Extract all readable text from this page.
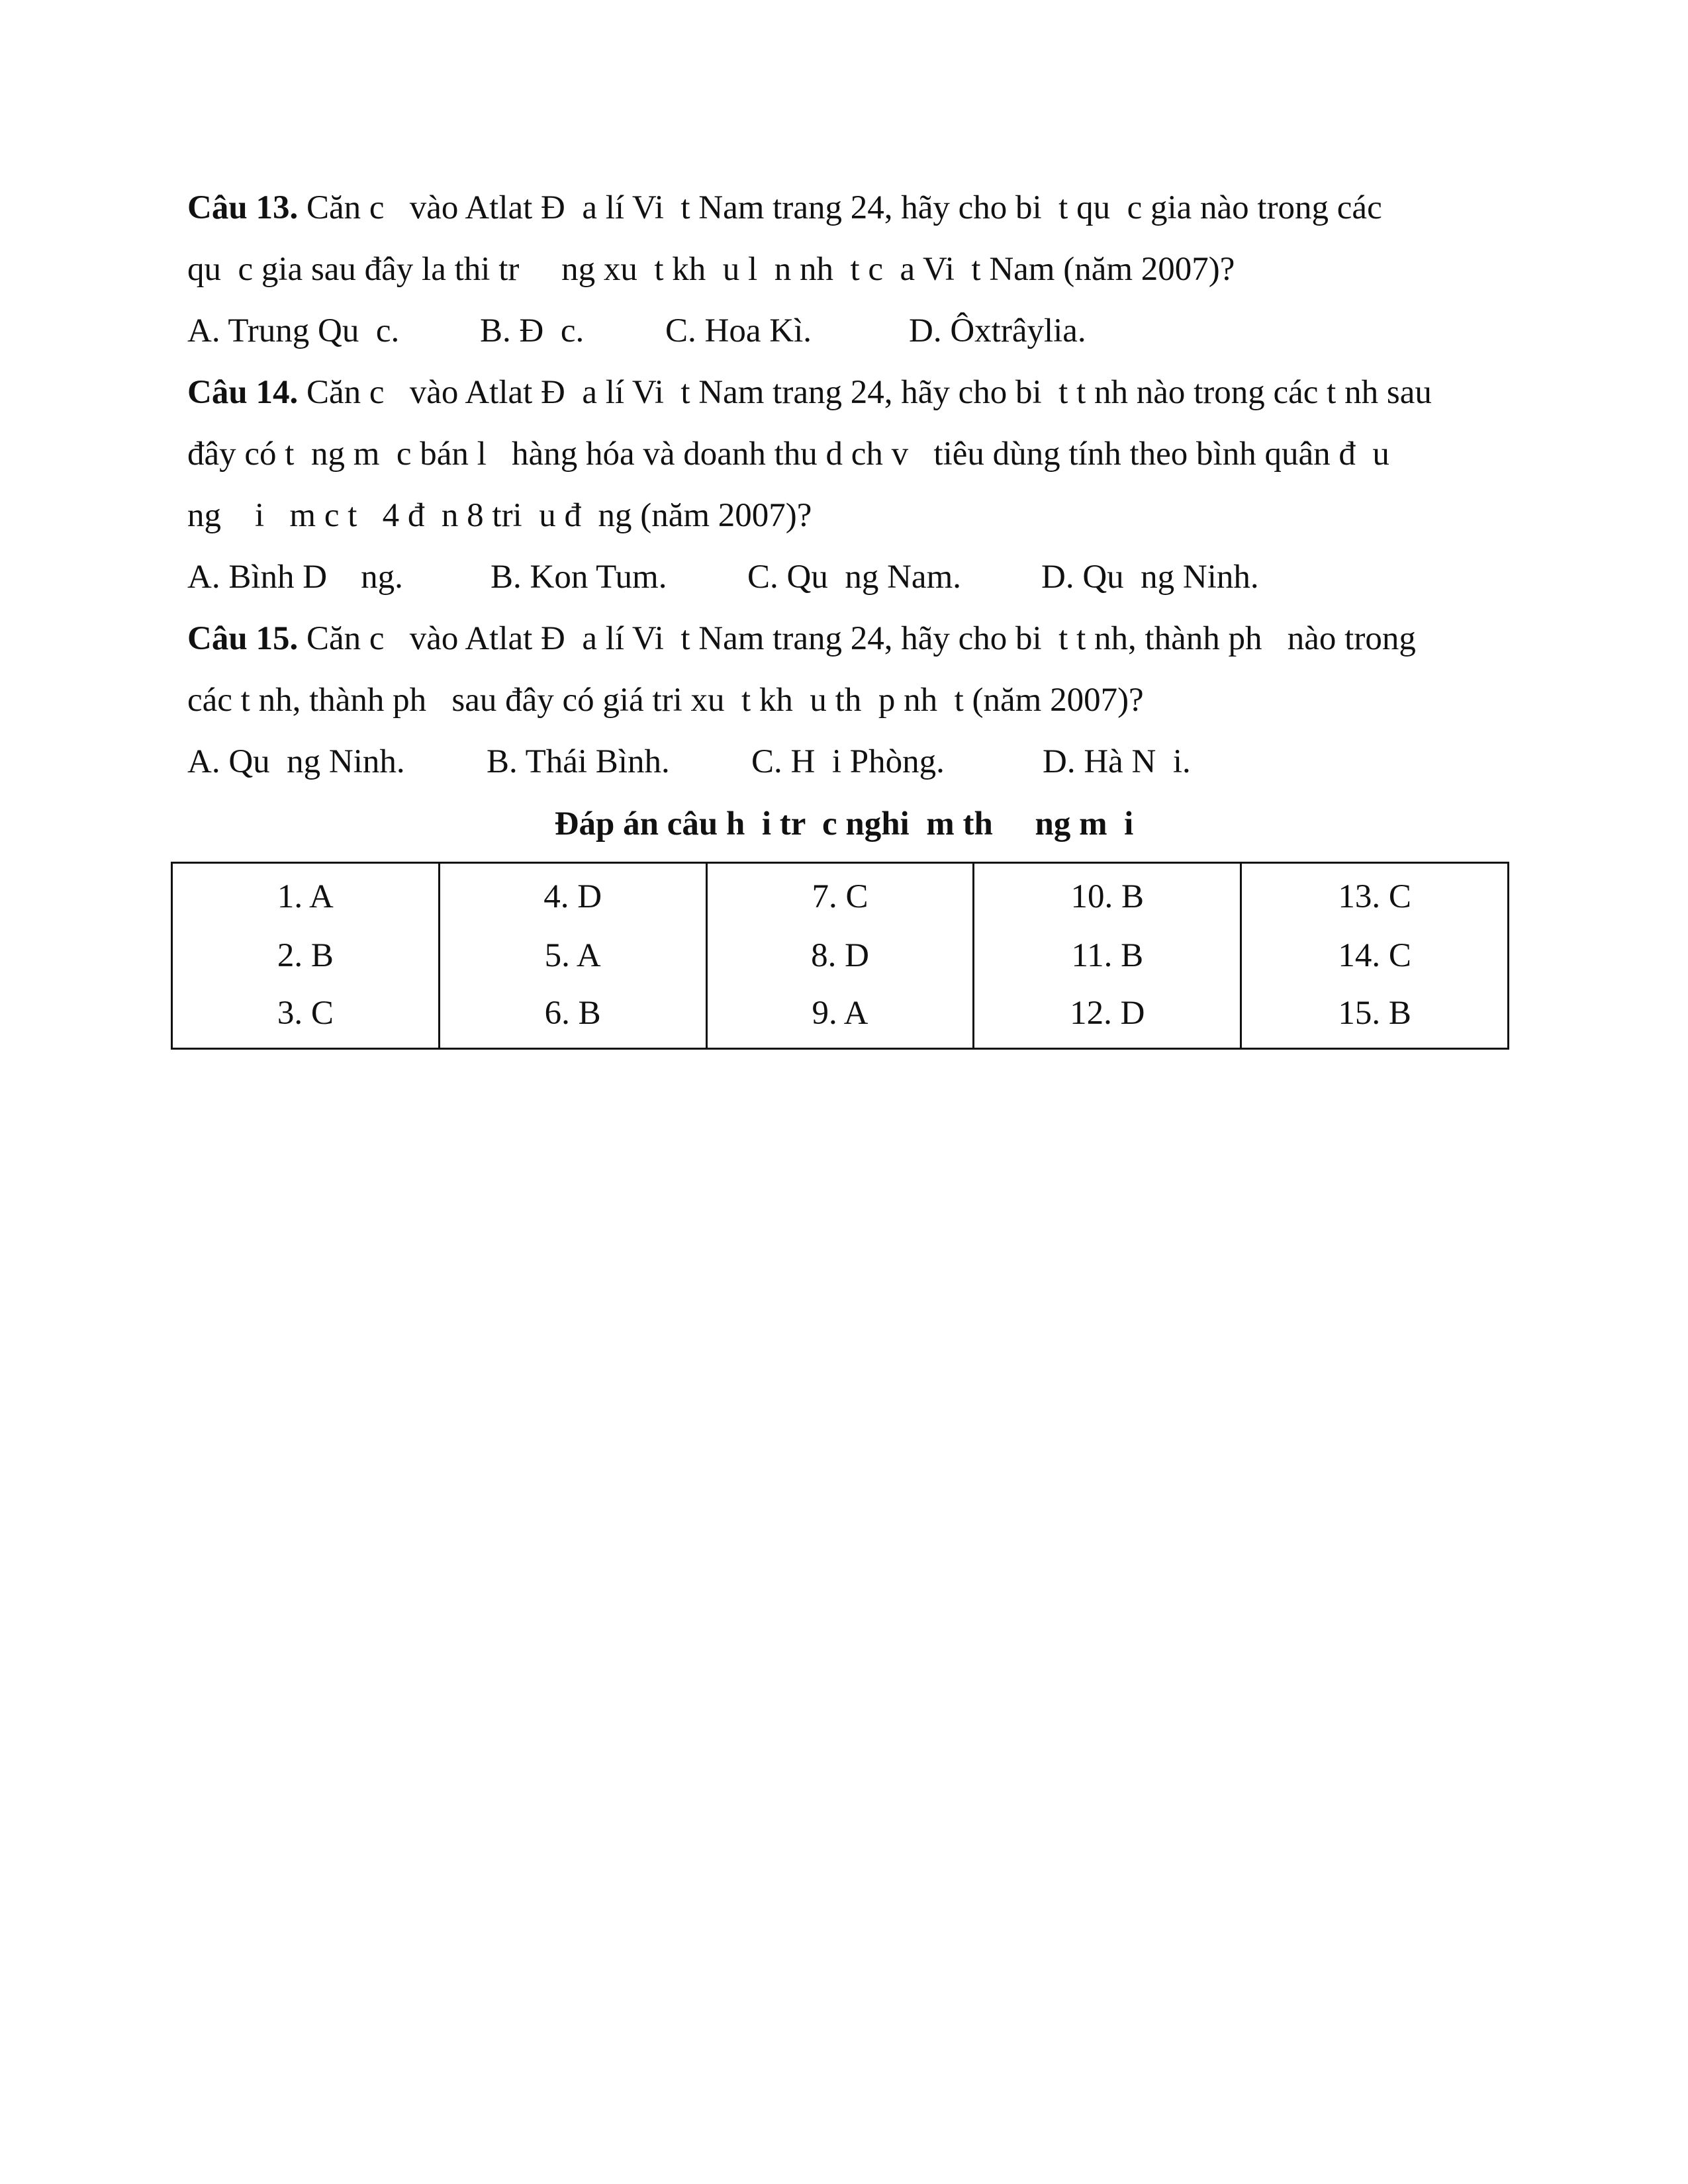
Câu 13. Căn c   vào Atlat Đ  a lí Vi  t Nam trang 24, hãy cho bi  t qu  c gia nào trong các
qu  c gia sau đây la thi tr     ng xu  t kh  u l  n nh  t c  a Vi  t Nam (năm 2007)?

A. Trung Qu  c.

B. Đ  c.

C. Hoa Kì.

	D. Ôxtrâylia.

Câu 14. Căn c   vào Atlat Đ  a lí Vi  t Nam trang 24, hãy cho bi  t t nh nào trong các t nh sau
đây có t  ng m  c bán l   hàng hóa và doanh thu d ch v   tiêu dùng tính theo bình quân đ  u
ng    i   m c t   4 đ  n 8 tri  u đ  ng (năm 2007)?

A. Bình D    ng.

	B. Kon Tum.

C. Qu  ng Nam.

D. Qu  ng Ninh.

Câu 15. Căn c   vào Atlat Đ  a lí Vi  t Nam trang 24, hãy cho bi  t t nh, thành ph   nào trong
các t nh, thành ph   sau đây có giá tri xu  t kh  u th  p nh  t (năm 2007)?

A. Qu  ng Ninh.

B. Thái Bình.

C. H  i Phòng.

	D. Hà N  i.

Đáp án câu h  i tr  c nghi  m th     ng m  i
1. A	4. D	7. C	10. B	13. C
2. B	5. A	8. D	11. B	14. C
3. C	6. B	9. A	12. D	15. B
